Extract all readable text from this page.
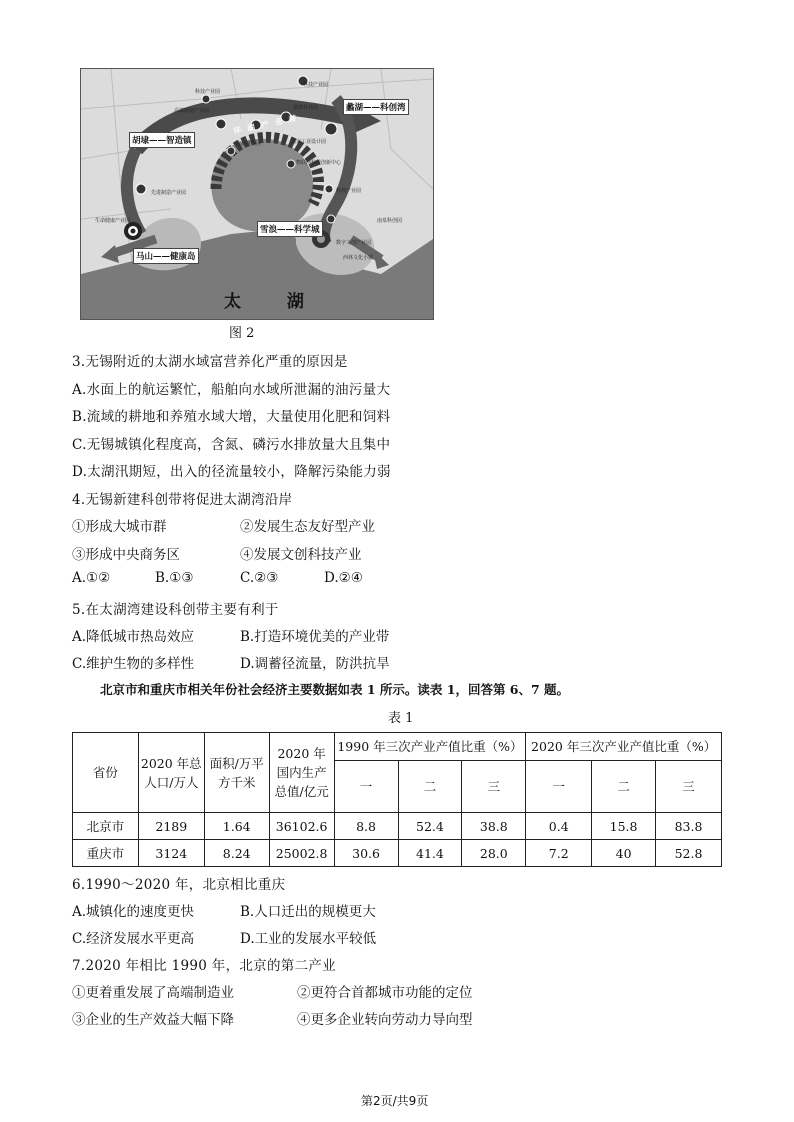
科技产业园
科技产业园
高端制造产业园
旅游度假区	国家工业设计园
先进制造产业园
物联网科技创新中心
科教产业园
生命健康产业园	南泉科创园
数字文创产业园
西林文化小镇
湖景科技园
环 湖 产 业 带
胡埭——智造镇
蠡湖——科创湾
雪浪——科学城
马山——健康岛
太 湖
图 2
3.无锡附近的太湖水域富营养化严重的原因是
A.水面上的航运繁忙，船舶向水域所泄漏的油污量大
B.流域的耕地和养殖水域大增，大量使用化肥和饲料
C.无锡城镇化程度高，含氮、磷污水排放量大且集中
D.太湖汛期短，出入的径流量较小，降解污染能力弱
4.无锡新建科创带将促进太湖湾沿岸
①形成大城市群	②发展生态友好型产业
③形成中央商务区	④发展文创科技产业
A.①②	B.①③	C.②③	D.②④
5.在太湖湾建设科创带主要有利于
A.降低城市热岛效应	B.打造环境优美的产业带
C.维护生物的多样性	D.调蓄径流量，防洪抗旱
北京市和重庆市相关年份社会经济主要数据如表 1 所示。读表 1，回答第 6、7 题。
表 1
省份	2020 年总人口/万人	面积/万平方千米	2020 年国内生产总值/亿元	1990 年三次产业产值比重（%）			2020 年三次产业产值比重（%）		
				一	二	三	一	二	三
北京市	2189	1.64	36102.6	8.8	52.4	38.8	0.4	15.8	83.8
重庆市	3124	8.24	25002.8	30.6	41.4	28.0	7.2	40	52.8
6.1990～2020 年，北京相比重庆
A.城镇化的速度更快	B.人口迁出的规模更大
C.经济发展水平更高	D.工业的发展水平较低
7.2020 年相比 1990 年，北京的第二产业
①更着重发展了高端制造业	②更符合首都城市功能的定位
③企业的生产效益大幅下降	④更多企业转向劳动力导向型
第2页/共9页
